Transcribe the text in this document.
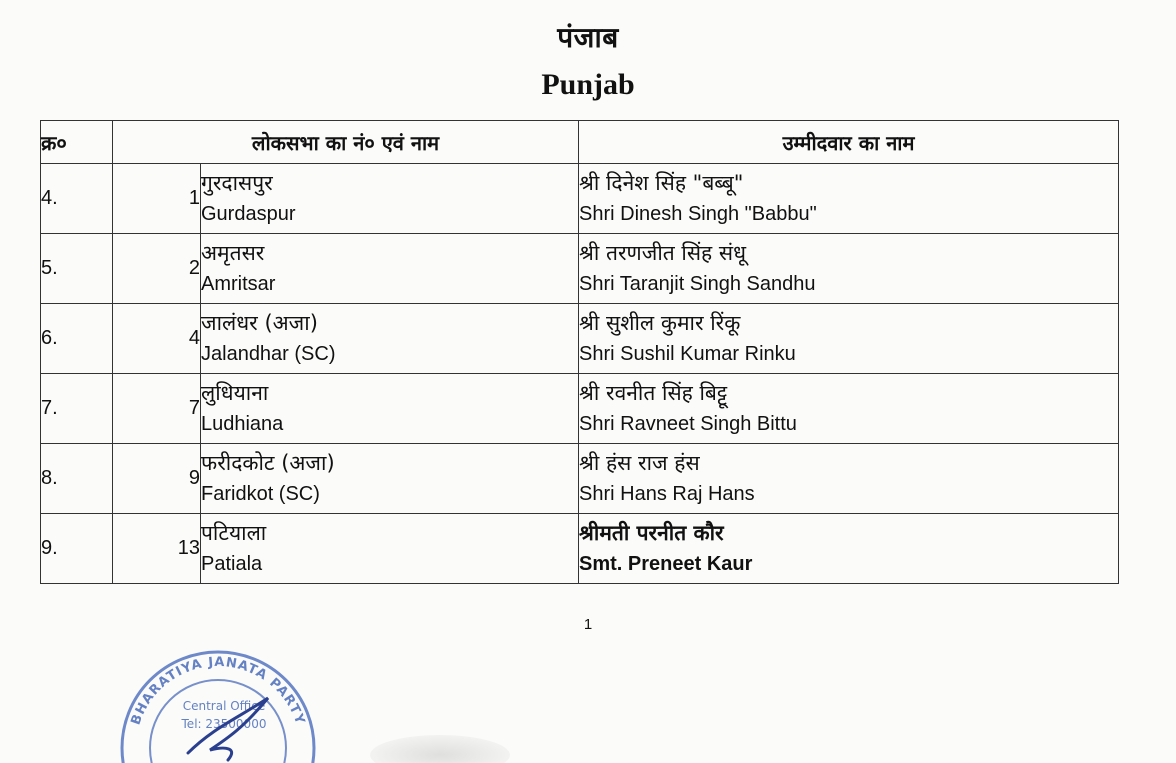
पंजाब
Punjab
क्र०	लोकसभा का नं० एवं नाम		उम्मीदवार का नाम
4.	1	गुरदासपुर
Gurdaspur	श्री दिनेश सिंह "बब्बू"
Shri Dinesh Singh "Babbu"

5.	2	अमृतसर
Amritsar	श्री तरणजीत सिंह संधू
Shri Taranjit Singh Sandhu

6.	4	जालंधर (अजा)
Jalandhar (SC)	श्री सुशील कुमार रिंकू
Shri Sushil Kumar Rinku

7.	7	लुधियाना
Ludhiana	श्री रवनीत सिंह बिट्टू
Shri Ravneet Singh Bittu

8.	9	फरीदकोट (अजा)
Faridkot (SC)	श्री हंस राज हंस
Shri Hans Raj Hans

9.	13	पटियाला
Patiala	श्रीमती परनीत कौर
Smt. Preneet Kaur
1
BHARATIYA JANATA PARTY
Central Office
Tel: 23500000
